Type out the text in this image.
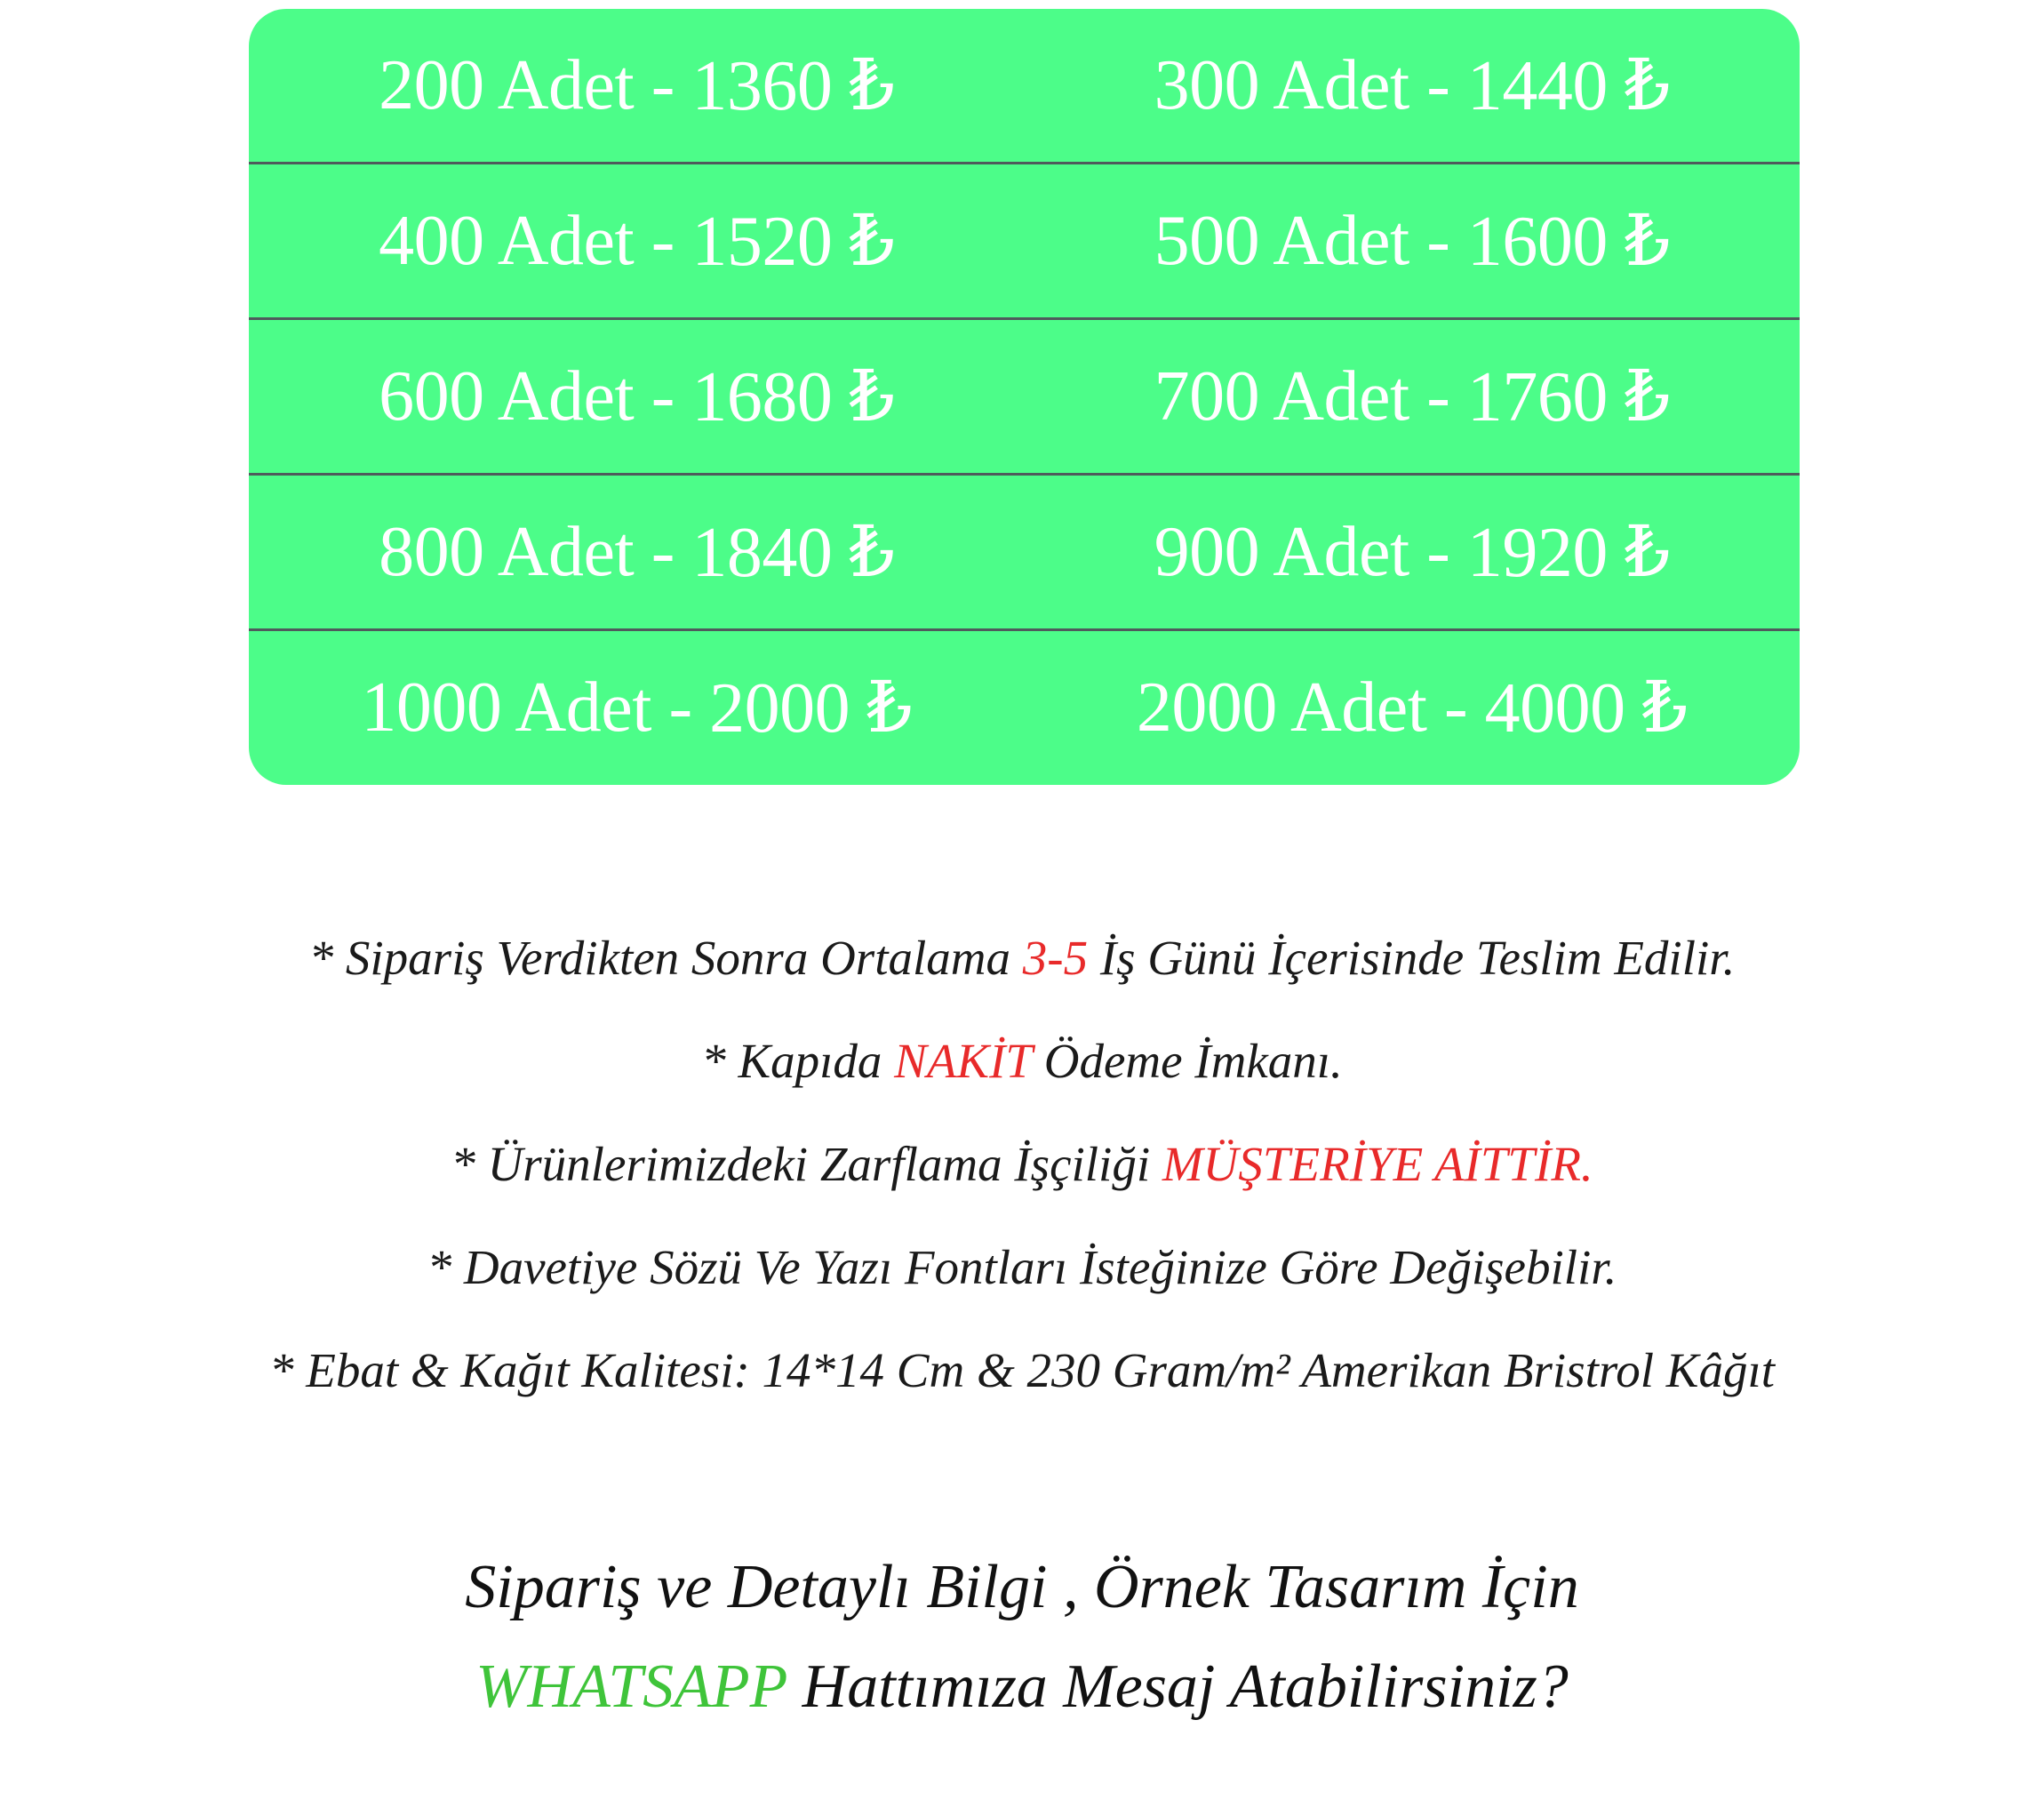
200 Adet - 1360 ₺	300 Adet - 1440 ₺
400 Adet - 1520 ₺	500 Adet - 1600 ₺
600 Adet - 1680 ₺	700 Adet - 1760 ₺
800 Adet - 1840 ₺	900 Adet - 1920 ₺
1000 Adet - 2000 ₺	2000 Adet - 4000 ₺
* Sipariş Verdikten Sonra Ortalama 3-5 İş Günü İçerisinde Teslim Edilir.
* Kapıda NAKİT Ödeme İmkanı.
* Ürünlerimizdeki Zarflama İşçiliği MÜŞTERİYE AİTTİR.
* Davetiye Sözü Ve Yazı Fontları İsteğinize Göre Değişebilir.
* Ebat & Kağıt Kalitesi: 14*14 Cm & 230 Gram/m² Amerikan Bristrol Kâğıt
Sipariş ve Detaylı Bilgi , Örnek Tasarım İçin
WHATSAPP Hattımıza Mesaj Atabilirsiniz?
